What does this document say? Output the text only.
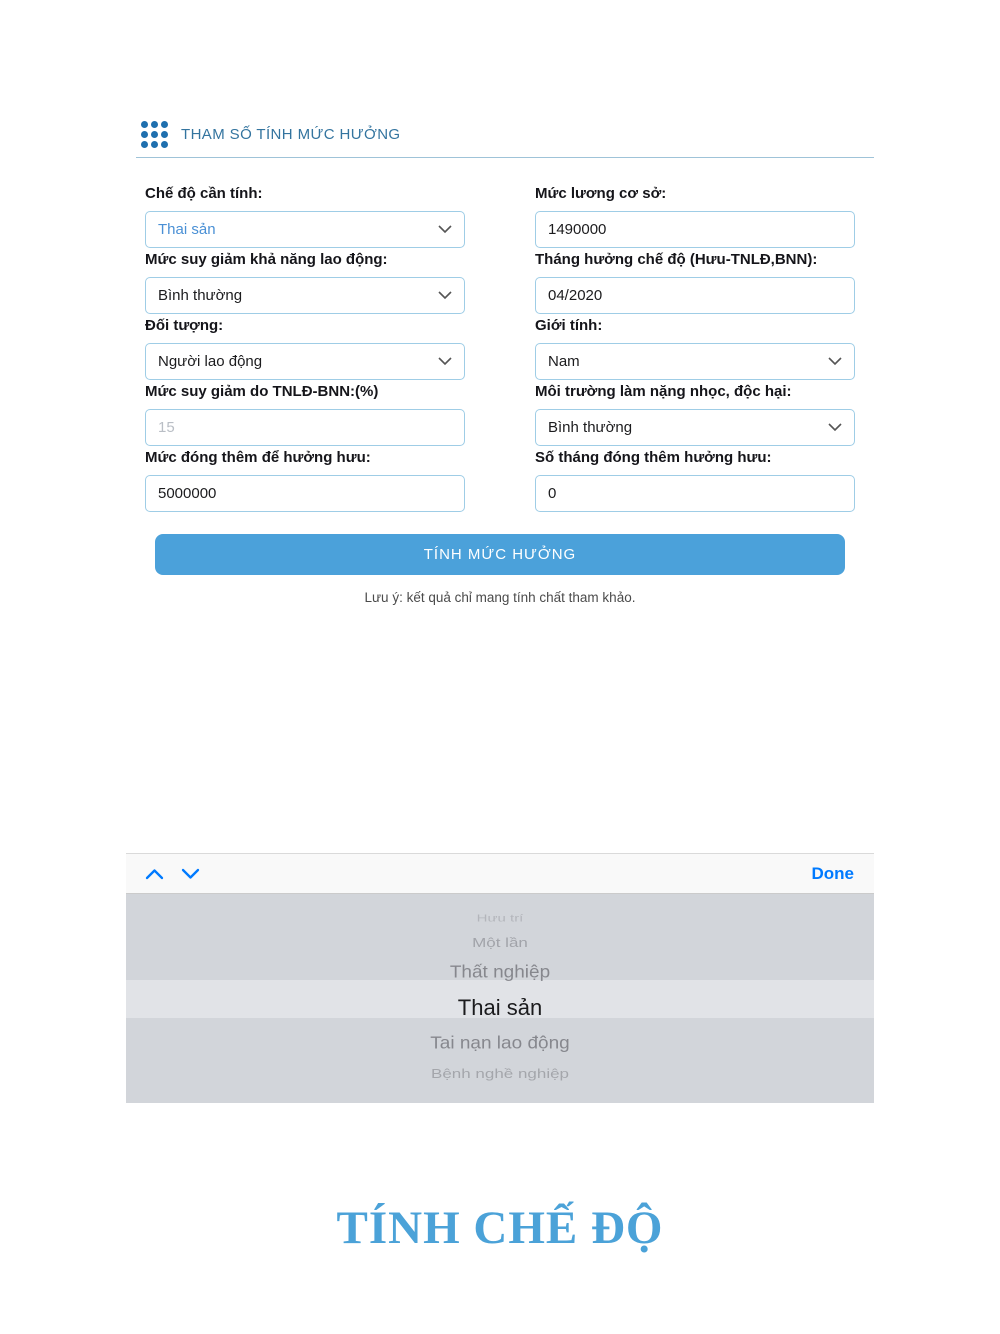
THAM SỐ TÍNH MỨC HƯỞNG
Chế độ cần tính:
Thai sản
Mức lương cơ sở:
1490000
Mức suy giảm khả năng lao động:
Bình thường
Tháng hưởng chế độ (Hưu-TNLĐ,BNN):
04/2020
Đối tượng:
Người lao động
Giới tính:
Nam
Mức suy giảm do TNLĐ-BNN:(%)
15	Môi trường làm nặng nhọc, độc hại:
Bình thường
Mức đóng thêm để hưởng hưu:
5000000	Số tháng đóng thêm hưởng hưu:
0
TÍNH MỨC HƯỞNG
Lưu ý: kết quả chỉ mang tính chất tham khảo.
Done
Hưu trí
Một lần
Thất nghiệp
Thai sản
Tai nạn lao động
Bệnh nghề nghiệp
TÍNH CHẾ ĐỘ
